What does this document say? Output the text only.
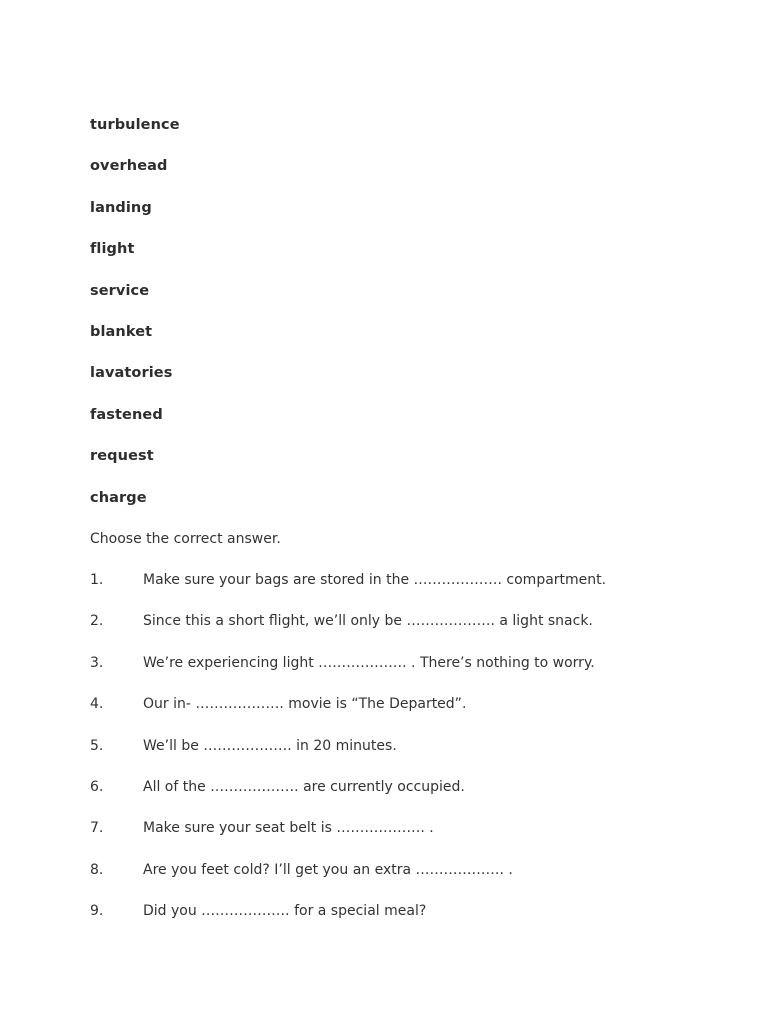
turbulence
overhead
landing
flight
service
blanket
lavatories
fastened
request
charge
Choose the correct answer.
1.	Make sure your bags are stored in the ………………. compartment.
2.	Since this a short flight, we’ll only be ………………. a light snack.
3.	We’re experiencing light ………………. . There’s nothing to worry.
4.	Our in- ………………. movie is “The Departed”.
5.	We’ll be ………………. in 20 minutes.
6.	All of the ………………. are currently occupied.
7.	Make sure your seat belt is ………………. .
8.	Are you feet cold? I’ll get you an extra ………………. .
9.	Did you ………………. for a special meal?
